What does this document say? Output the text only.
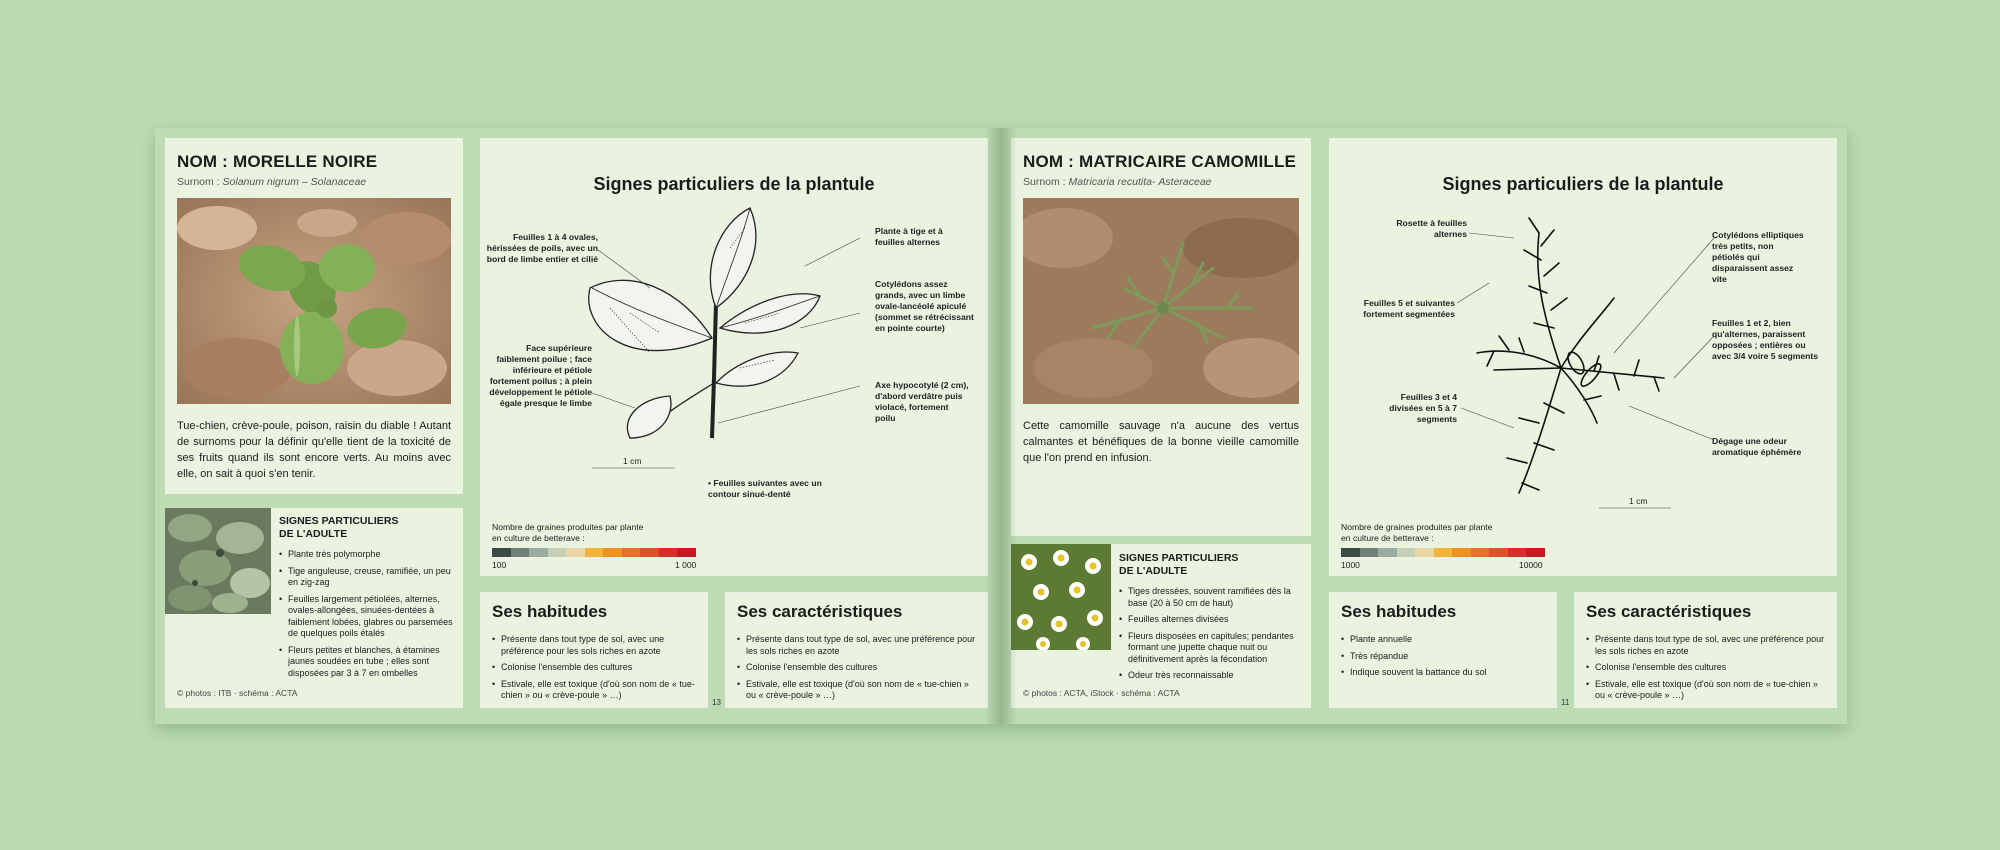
NOM : MORELLE NOIRE
Surnom : Solanum nigrum – Solanaceae
Tue-chien, crève-poule, poison, raisin du diable ! Autant de surnoms pour la définir qu'elle tient de la toxicité de ses fruits quand ils sont encore verts. Au moins avec elle, on sait à quoi s'en tenir.
SIGNES PARTICULIERS
DE L'ADULTE
• Plante très polymorphe
• Tige anguleuse, creuse, ramifiée, un peu en zig-zag
• Feuilles largement pétiolées, alternes, ovales-allongées, sinuées-dentées à faiblement lobées, glabres ou parsemées de quelques poils étalés
• Fleurs petites et blanches, à étamines jaunes soudées en tube ; elles sont disposées par 3 à 7 en ombelles
© photos : ITB · schéma : ACTA
Signes particuliers de la plantule
Feuilles 1 à 4 ovales, hérissées de poils, avec un bord de limbe entier et cilié
Face supérieure faiblement poilue ; face inférieure et pétiole fortement poilus ; à plein développement le pétiole égale presque le limbe
Plante à tige et à feuilles alternes
Cotylédons assez grands, avec un limbe ovale-lancéolé apiculé (sommet se rétrécissant en pointe courte)
Axe hypocotylé (2 cm), d'abord verdâtre puis violacé, fortement poilu
• Feuilles suivantes avec un contour sinué-denté
1 cm
Nombre de graines produites par plante
en culture de betterave :
100	1 000
Ses habitudes
• Présente dans tout type de sol, avec une préférence pour les sols riches en azote
• Colonise l'ensemble des cultures
• Estivale, elle est toxique (d'où son nom de « tue-chien » ou « crève-poule » …)
13
Ses caractéristiques
• Présente dans tout type de sol, avec une préférence pour les sols riches en azote
• Colonise l'ensemble des cultures
• Estivale, elle est toxique (d'où son nom de « tue-chien » ou « crève-poule » …)
NOM : MATRICAIRE CAMOMILLE
Surnom : Matricaria recutita- Asteraceae
Cette camomille sauvage n'a aucune des vertus calmantes et bénéfiques de la bonne vieille camomille que l'on prend en infusion.
SIGNES PARTICULIERS
DE L'ADULTE
• Tiges dressées, souvent ramifiées dès la base (20 à 50 cm de haut)
• Feuilles alternes divisées
• Fleurs disposées en capitules; pendantes formant une jupette chaque nuit ou définitivement après la fécondation
• Odeur très reconnaissable
© photos : ACTA, iStock · schéma : ACTA
Signes particuliers de la plantule
Rosette à feuilles alternes
Feuilles 5 et suivantes fortement segmentées
Feuilles 3 et 4 divisées en 5 à 7 segments
Cotylédons elliptiques très petits, non pétiolés qui disparaissent assez vite
Feuilles 1 et 2, bien qu'alternes, paraissent opposées ; entières ou avec 3/4 voire 5 segments
Dégage une odeur aromatique éphémère
1 cm
Nombre de graines produites par plante
en culture de betterave :
1000	10000
Ses habitudes
• Plante annuelle
• Très répandue
• Indique souvent la battance du sol
11
Ses caractéristiques
• Présente dans tout type de sol, avec une préférence pour les sols riches en azote
• Colonise l'ensemble des cultures
• Estivale, elle est toxique (d'où son nom de « tue-chien » ou « crève-poule » …)
